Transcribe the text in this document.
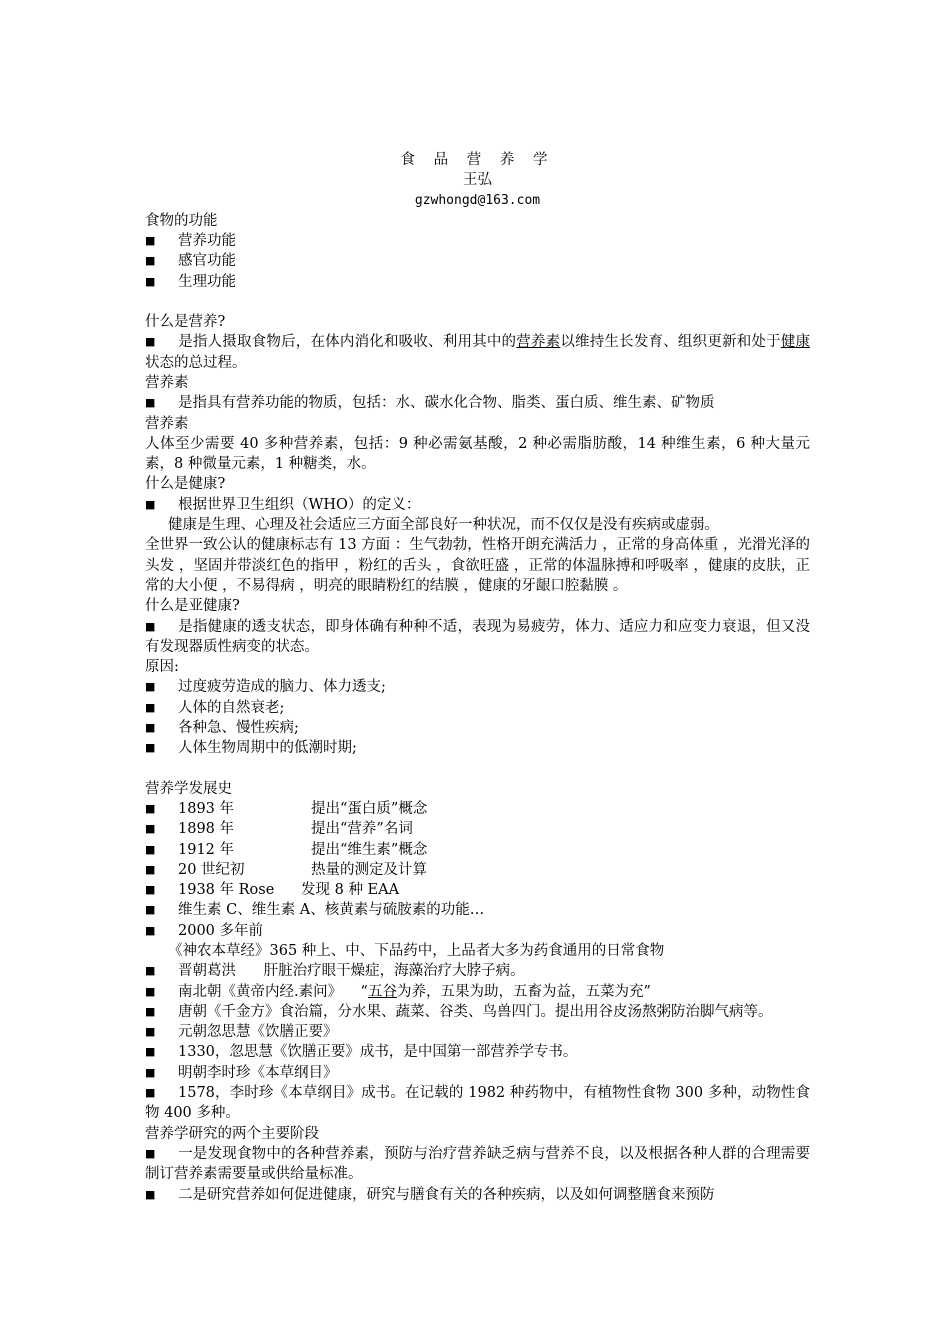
食 品 营 养 学
王弘
gzwhongd@163.com
食物的功能
■ 营养功能
■ 感官功能
■ 生理功能
什么是营养?
■ 是指人摄取食物后，在体内消化和吸收、利用其中的营养素以维持生长发育、组织更新和处于健康状态的总过程。
营养素
■ 是指具有营养功能的物质，包括：水、碳水化合物、脂类、蛋白质、维生素、矿物质
营养素
人体至少需要 40 多种营养素，包括：9 种必需氨基酸，2 种必需脂肪酸，14 种维生素，6 种大量元素，8 种微量元素，1 种糖类，水。
什么是健康?
■ 根据世界卫生组织（WHO）的定义：
健康是生理、心理及社会适应三方面全部良好一种状况，而不仅仅是没有疾病或虚弱。
全世界一致公认的健康标志有 13 方面 ：生气勃勃，性格开朗充满活力 ，正常的身高体重 ，光滑光泽的头发 ，坚固并带淡红色的指甲 ，粉红的舌头 ，食欲旺盛 ，正常的体温脉搏和呼吸率 ，健康的皮肤，正常的大小便 ，不易得病 ，明亮的眼睛粉红的结膜 ，健康的牙龈口腔黏膜 。
什么是亚健康?
■ 是指健康的透支状态，即身体确有种种不适，表现为易疲劳，体力、适应力和应变力衰退，但又没有发现器质性病变的状态。
原因:
■ 过度疲劳造成的脑力、体力透支;
■ 人体的自然衰老;
■ 各种急、慢性疾病;
■ 人体生物周期中的低潮时期;
营养学发展史
■ 1893 年	提出“蛋白质”概念
■ 1898 年	提出“营养”名词
■ 1912 年	提出“维生素”概念
■ 20 世纪初	热量的测定及计算
■ 1938 年 Rose 发现 8 种 EAA
■ 维生素 C、维生素 A、核黄素与硫胺素的功能…
■ 2000 多年前
《神农本草经》365 种上、中、下品药中，上品者大多为药食通用的日常食物
■ 晋朝葛洪 肝脏治疗眼干燥症，海藻治疗大脖子病。
■ 南北朝《黄帝内经.素问》 “五谷为养，五果为助，五畜为益，五菜为充”
■ 唐朝《千金方》食治篇，分水果、蔬菜、谷类、鸟兽四门。提出用谷皮汤熬粥防治脚气病等。
■ 元朝忽思慧《饮膳正要》
■ 1330，忽思慧《饮膳正要》成书，是中国第一部营养学专书。
■ 明朝李时珍《本草纲目》
■ 1578，李时珍《本草纲目》成书。在记载的 1982 种药物中，有植物性食物 300 多种，动物性食物 400 多种。
营养学研究的两个主要阶段
■ 一是发现食物中的各种营养素，预防与治疗营养缺乏病与营养不良，以及根据各种人群的合理需要制订营养素需要量或供给量标准。
■ 二是研究营养如何促进健康，研究与膳食有关的各种疾病，以及如何调整膳食来预防
